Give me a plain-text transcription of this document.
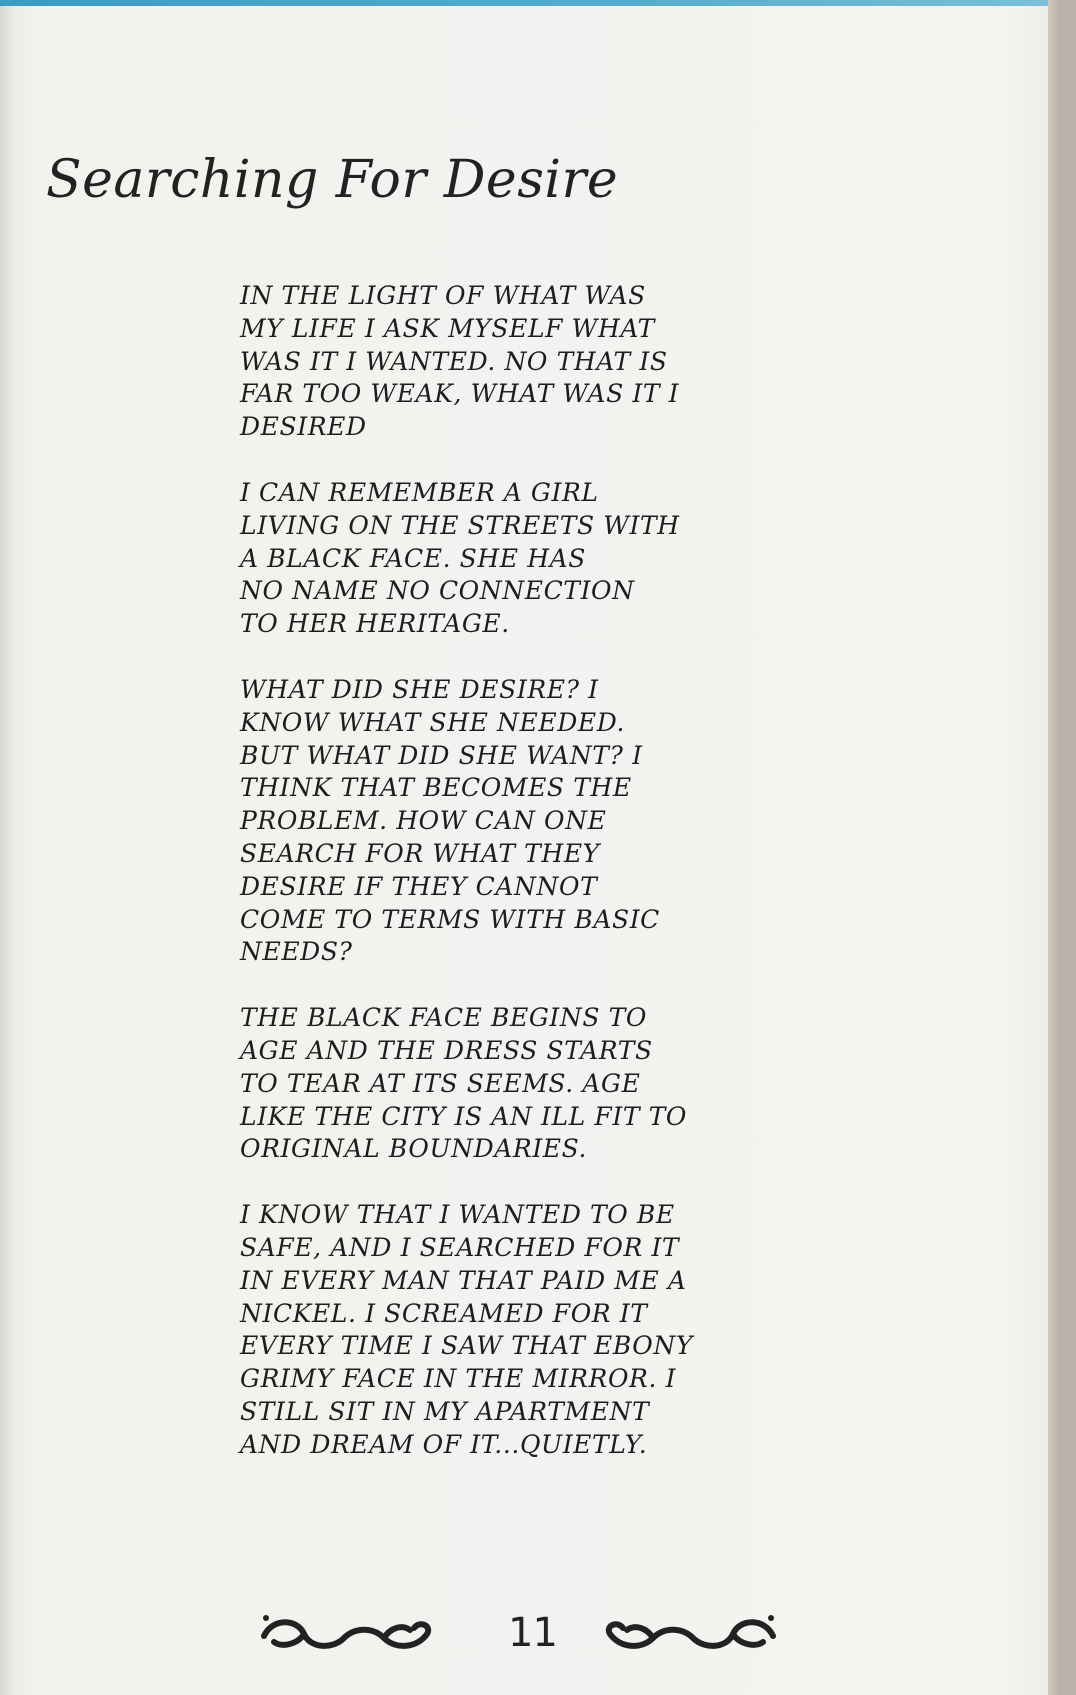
Searching For Desire
IN THE LIGHT OF WHAT WAS
MY LIFE I ASK MYSELF WHAT
WAS IT I WANTED. NO THAT IS
FAR TOO WEAK, WHAT WAS IT I
DESIRED
I CAN REMEMBER A GIRL
LIVING ON THE STREETS WITH
A BLACK FACE. SHE HAS
NO NAME NO CONNECTION
TO HER HERITAGE.
WHAT DID SHE DESIRE? I
KNOW WHAT SHE NEEDED.
BUT WHAT DID SHE WANT? I
THINK THAT BECOMES THE
PROBLEM. HOW CAN ONE
SEARCH FOR WHAT THEY
DESIRE IF THEY CANNOT
COME TO TERMS WITH BASIC
NEEDS?
THE BLACK FACE BEGINS TO
AGE AND THE DRESS STARTS
TO TEAR AT ITS SEEMS. AGE
LIKE THE CITY IS AN ILL FIT TO
ORIGINAL BOUNDARIES.
I KNOW THAT I WANTED TO BE
SAFE, AND I SEARCHED FOR IT
IN EVERY MAN THAT PAID ME A
NICKEL. I SCREAMED FOR IT
EVERY TIME I SAW THAT EBONY
GRIMY FACE IN THE MIRROR. I
STILL SIT IN MY APARTMENT
AND DREAM OF IT...QUIETLY.
11
